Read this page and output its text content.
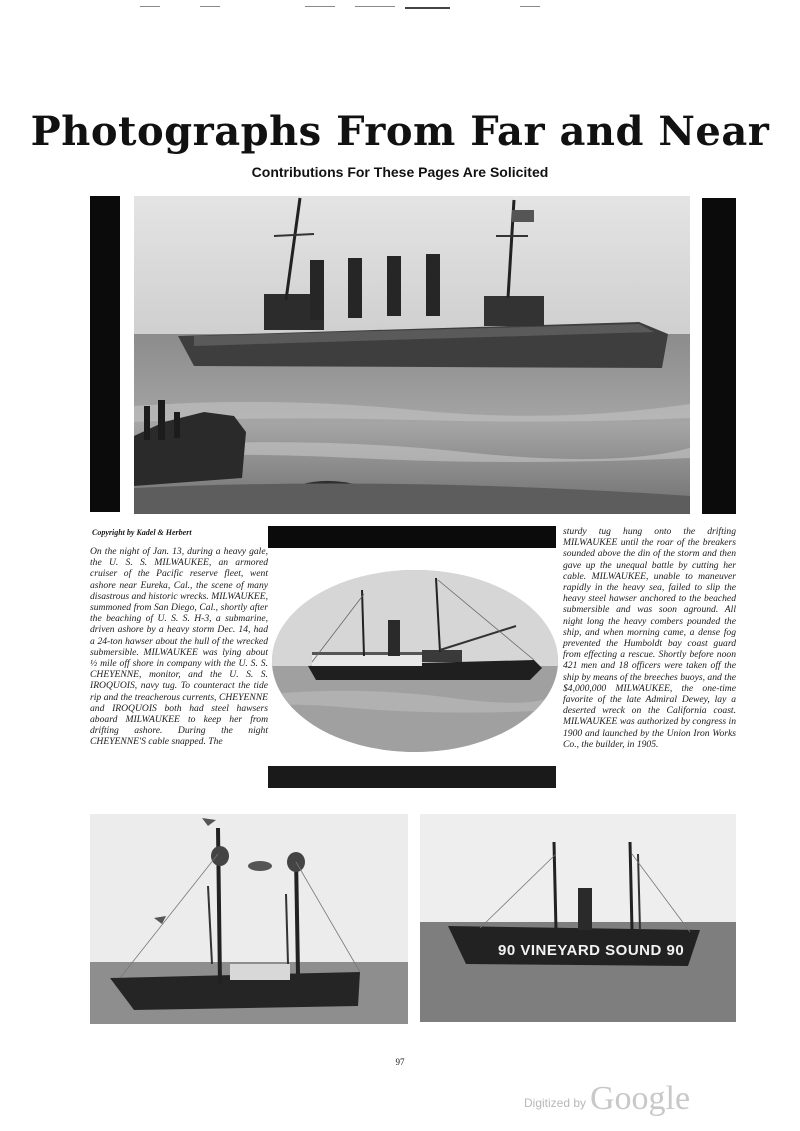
Photographs From Far and Near
Contributions For These Pages Are Solicited
Copyright by Kadel & Herbert
On the night of Jan. 13, during a heavy gale, the U. S. S. MILWAUKEE, an armored cruiser of the Pacific reserve fleet, went ashore near Eureka, Cal., the scene of many disastrous and historic wrecks. MILWAUKEE, summoned from San Diego, Cal., shortly after the beaching of U. S. S. H-3, a submarine, driven ashore by a heavy storm Dec. 14, had a 24-ton hawser about the hull of the wrecked submersible. MILWAUKEE was lying about ½ mile off shore in company with the U. S. S. CHEYENNE, monitor, and the U. S. S. IROQUOIS, navy tug. To counteract the tide rip and the treacherous currents, CHEYENNE and IROQUOIS both had steel hawsers aboard MILWAUKEE to keep her from drifting ashore. During the night CHEYENNE'S cable snapped. The
sturdy tug hung onto the drifting MILWAUKEE until the roar of the breakers sounded above the din of the storm and then gave up the unequal battle by cutting her cable. MILWAUKEE, unable to maneuver rapidly in the heavy sea, failed to slip the heavy steel hawser anchored to the beached submersible and was soon aground. All night long the heavy combers pounded the ship, and when morning came, a dense fog prevented the Humboldt bay coast guard from effecting a rescue. Shortly before noon 421 men and 18 officers were taken off the ship by means of the breeches buoys, and the $4,000,000 MILWAUKEE, the one-time favorite of the late Admiral Dewey, lay a deserted wreck on the California coast. MILWAUKEE was authorized by congress in 1900 and launched by the Union Iron Works Co., the builder, in 1905.
90 VINEYARD SOUND 90
97
Digitized by Google
